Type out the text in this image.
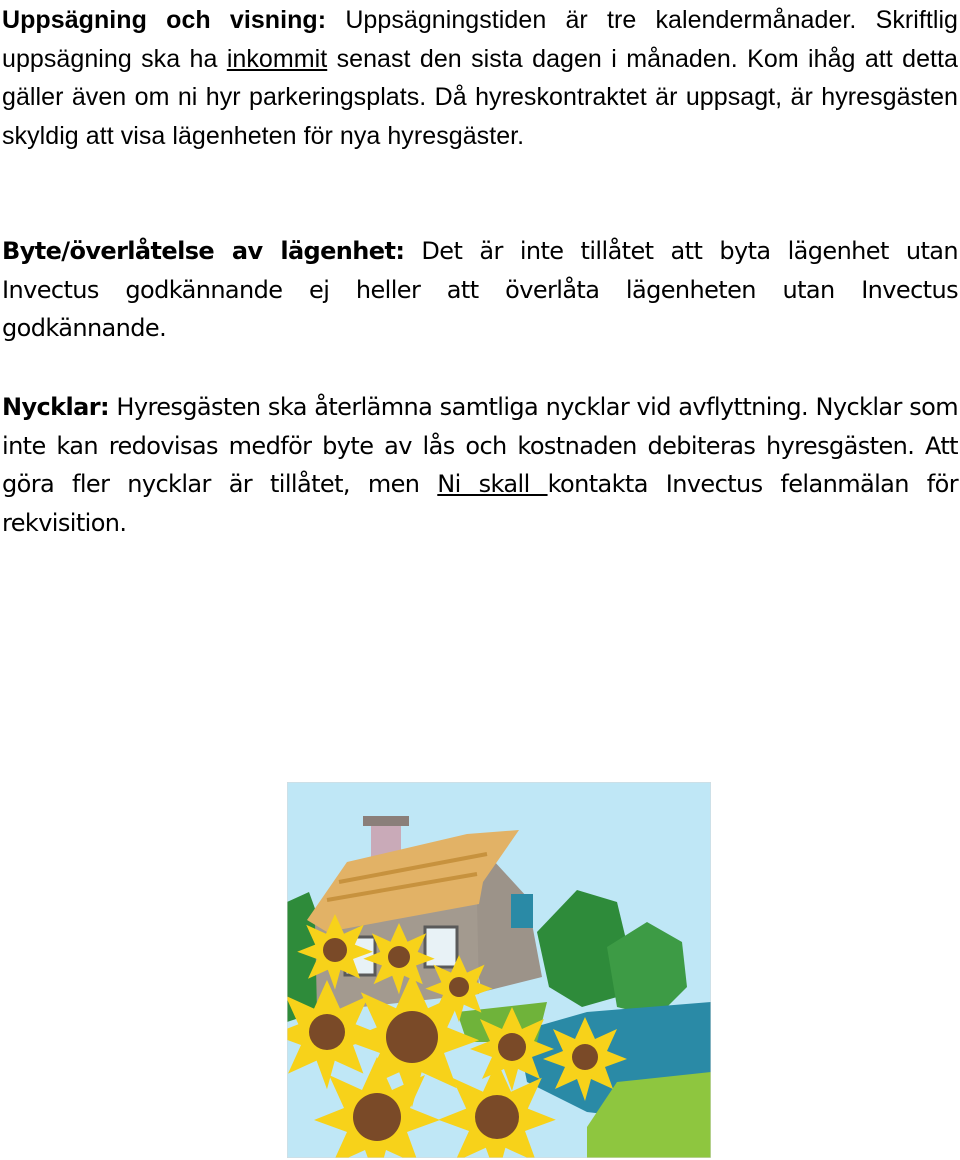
Uppsägning och visning: Uppsägningstiden är tre kalendermånader. Skriftlig uppsägning ska ha inkommit senast den sista dagen i månaden. Kom ihåg att detta gäller även om ni hyr parkeringsplats. Då hyreskontraktet är uppsagt, är hyresgästen skyldig att visa lägenheten för nya hyresgäster.

Byte/överlåtelse av lägenhet: Det är inte tillåtet att byta lägenhet utan Invectus godkännande ej heller att överlåta lägenheten utan Invectus godkännande.

Nycklar: Hyresgästen ska återlämna samtliga nycklar vid avflyttning. Nycklar som inte kan redovisas medför byte av lås och kostnaden debiteras hyresgästen. Att göra fler nycklar är tillåtet, men Ni skall kontakta Invectus felanmälan för rekvisition.
